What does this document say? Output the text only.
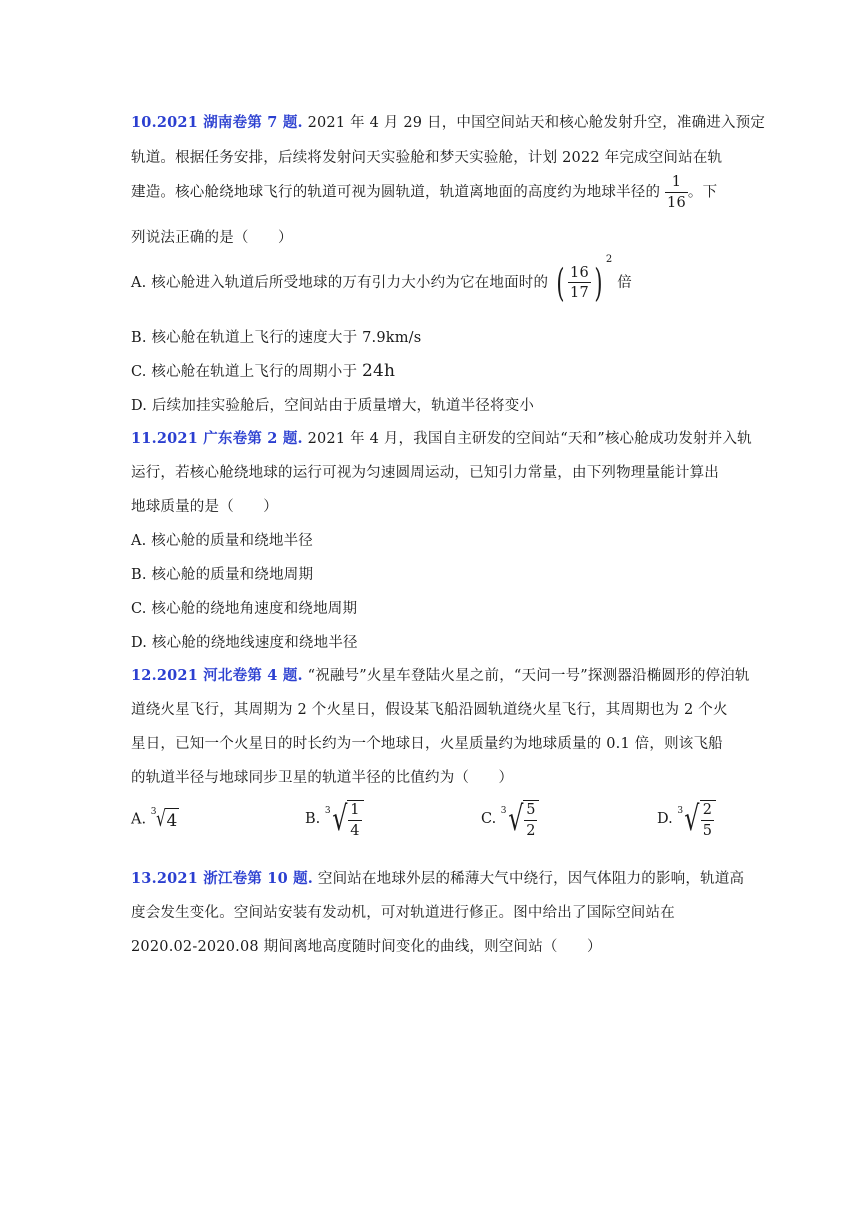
10.2021 湖南卷第 7 题. 2021 年 4 月 29 日，中国空间站天和核心舱发射升空，准确进入预定
轨道。根据任务安排，后续将发射问天实验舱和梦天实验舱，计划 2022 年完成空间站在轨
建造。核心舱绕地球飞行的轨道可视为圆轨道，轨道离地面的高度约为地球半径的 $\frac{1}{16}$ 。下
列说法正确的是（　　）
A. 核心舱进入轨道后所受地球的万有引力大小约为它在地面时的 ( $\frac{16}{17} )^2$ 倍
B. 核心舱在轨道上飞行的速度大于 7.9km/s
C. 核心舱在轨道上飞行的周期小于 24h
D. 后续加挂实验舱后，空间站由于质量增大，轨道半径将变小
11.2021 广东卷第 2 题. 2021 年 4 月，我国自主研发的空间站“天和”核心舱成功发射并入轨
运行，若核心舱绕地球的运行可视为匀速圆周运动，已知引力常量，由下列物理量能计算出
地球质量的是（　　）
A. 核心舱的质量和绕地半径
B. 核心舱的质量和绕地周期
C. 核心舱的绕地角速度和绕地周期
D. 核心舱的绕地线速度和绕地半径
12.2021 河北卷第 4 题. “祝融号”火星车登陆火星之前，“天问一号”探测器沿椭圆形的停泊轨
道绕火星飞行，其周期为 2 个火星日，假设某飞船沿圆轨道绕火星飞行，其周期也为 2 个火
星日，已知一个火星日的时长约为一个地球日，火星质量约为地球质量的 0.1 倍，则该飞船
的轨道半径与地球同步卫星的轨道半径的比值约为（　　）
A. 3 √ 4	B. 3 √ $\frac{1}{4}$	C. 3 √ $\frac{5}{2}$	D. 3 √ $\frac{2}{5}$
13.2021 浙江卷第 10 题. 空间站在地球外层的稀薄大气中绕行，因气体阻力的影响，轨道高
度会发生变化。空间站安装有发动机，可对轨道进行修正。图中给出了国际空间站在
2020.02-2020.08 期间离地高度随时间变化的曲线，则空间站（　　）
